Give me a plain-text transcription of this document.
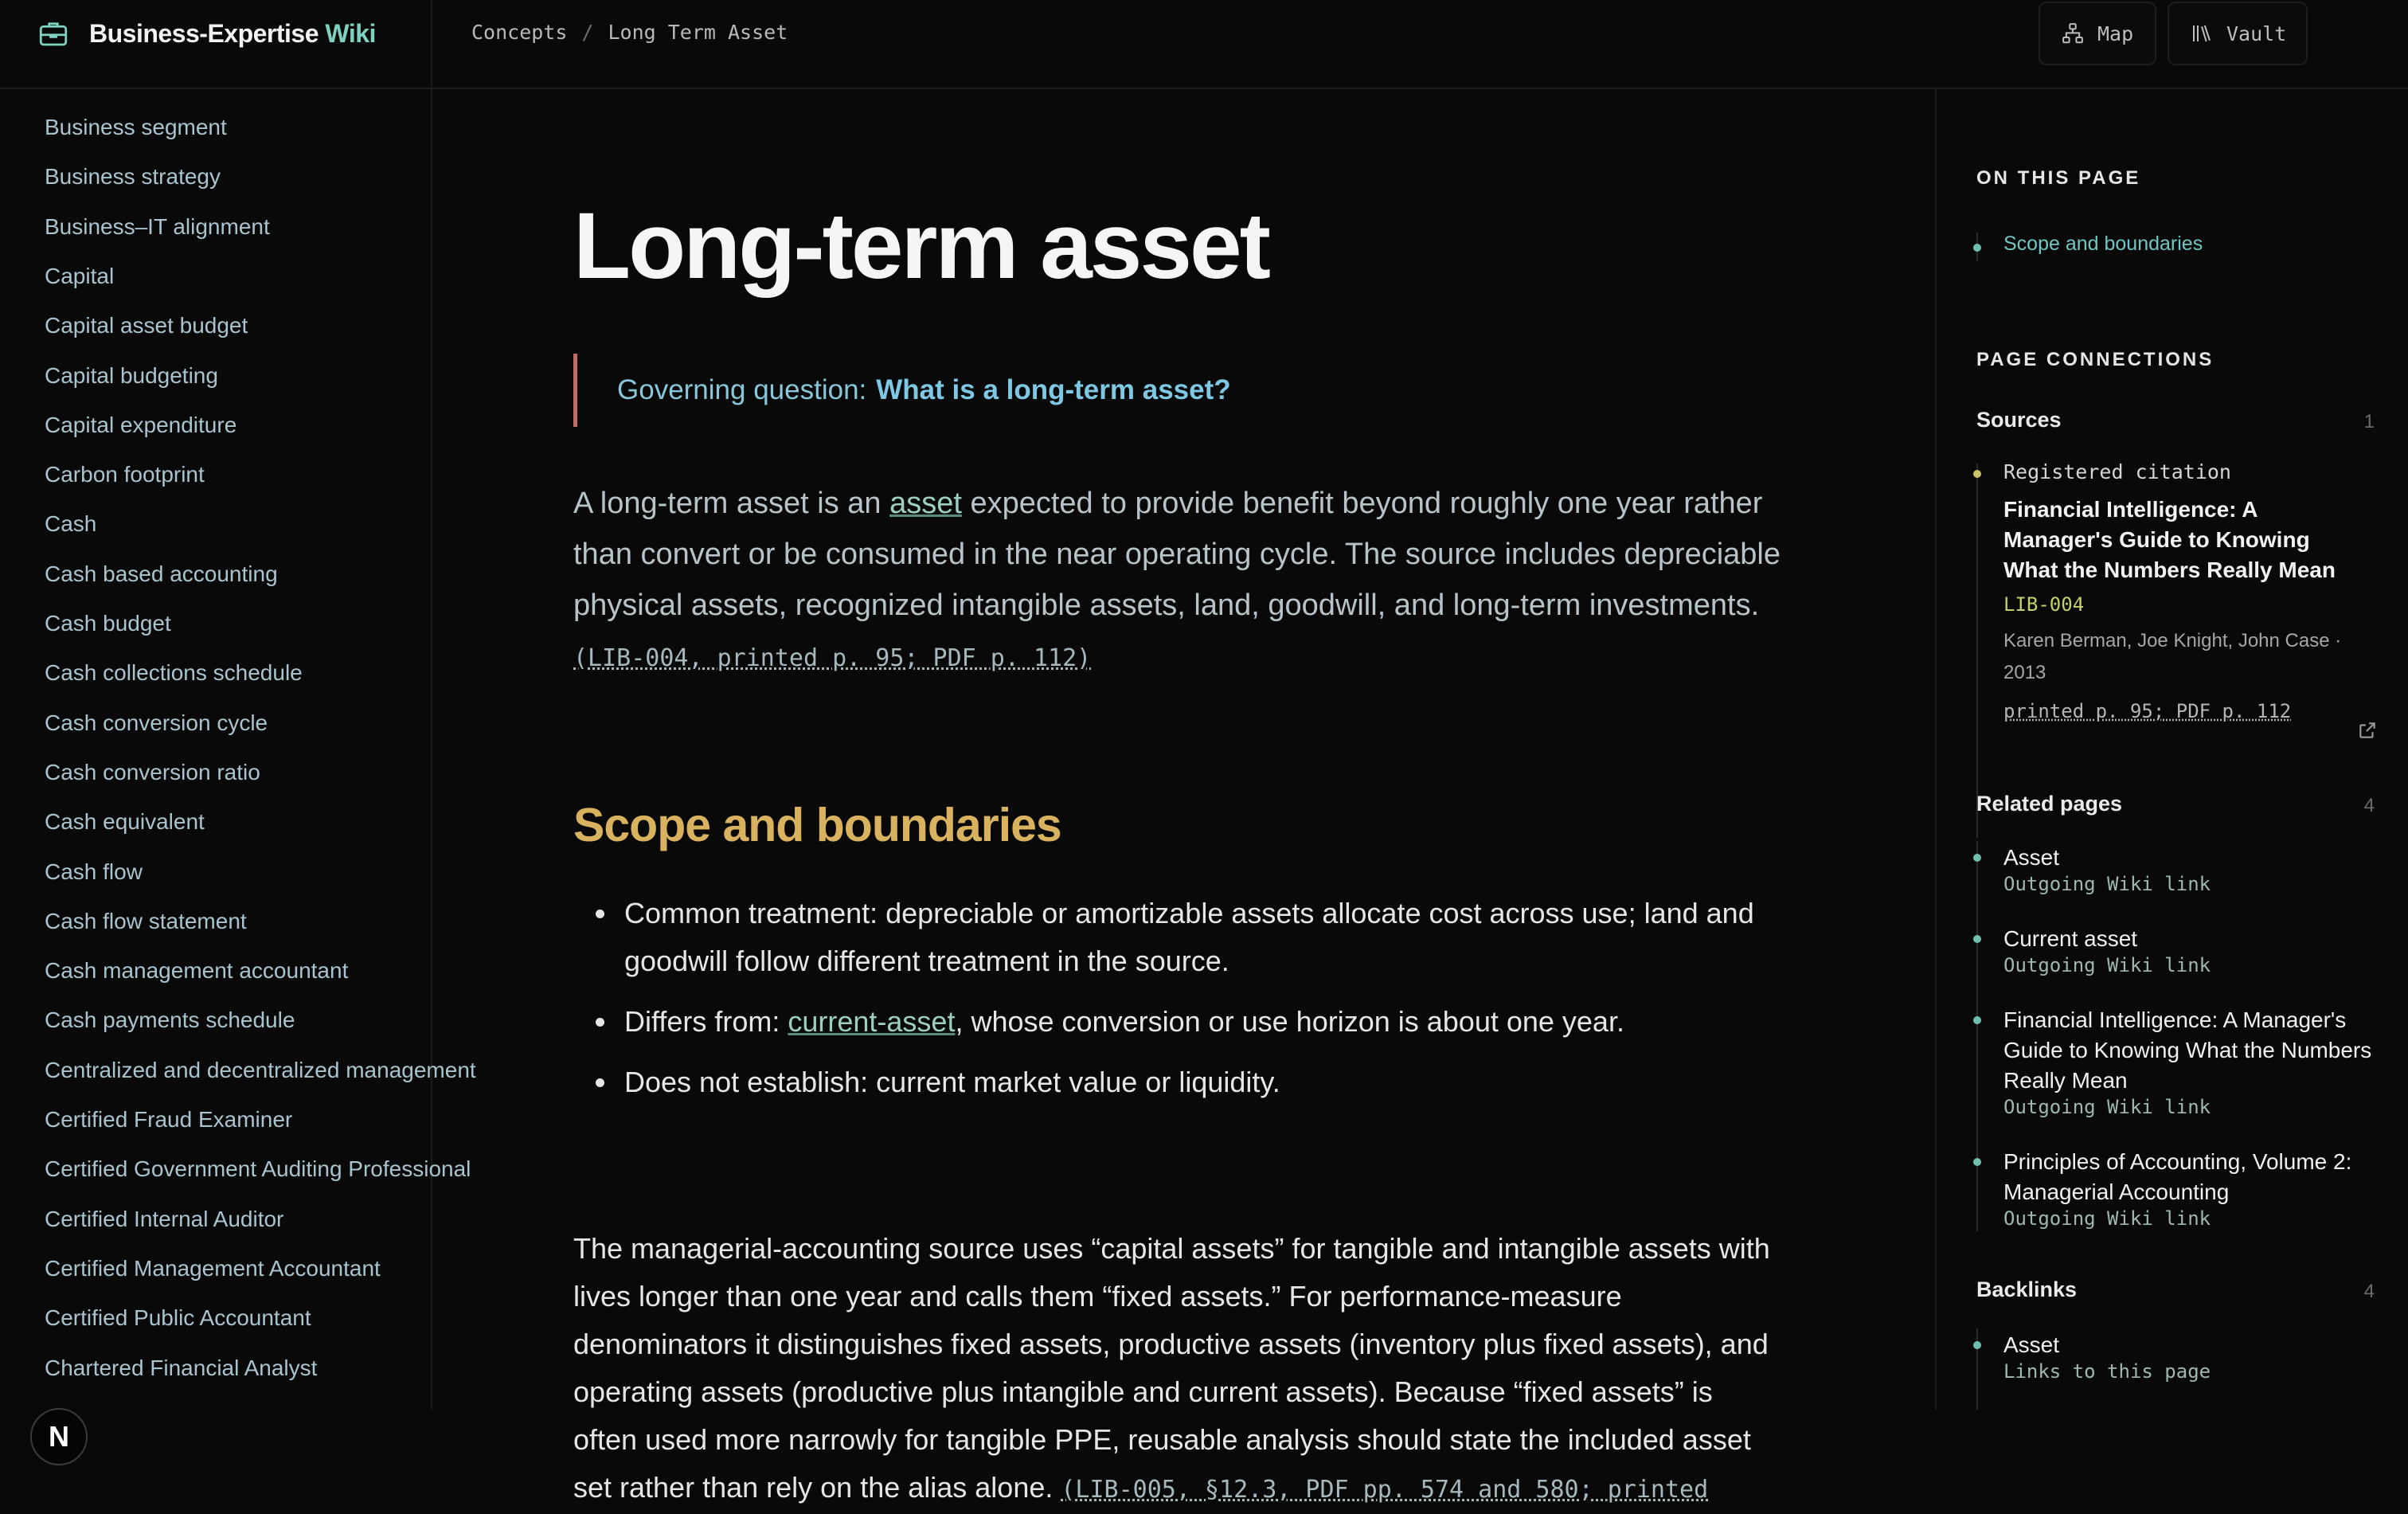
Business-Expertise Wiki	Concepts / Long Term Asset	Map	Vault
Business segment
Business strategy
Business–IT alignment
Capital
Capital asset budget
Capital budgeting
Capital expenditure
Carbon footprint
Cash
Cash based accounting
Cash budget
Cash collections schedule
Cash conversion cycle
Cash conversion ratio
Cash equivalent
Cash flow
Cash flow statement
Cash management accountant
Cash payments schedule
Centralized and decentralized management
Certified Fraud Examiner
Certified Government Auditing Professional
Certified Internal Auditor
Certified Management Accountant
Certified Public Accountant
Chartered Financial Analyst
N
Long-term asset
Governing question: What is a long-term asset?

A long-term asset is an asset expected to provide benefit beyond roughly one year rather than convert or be consumed in the near operating cycle. The source includes depreciable physical assets, recognized intangible assets, land, goodwill, and long-term investments. (LIB-004, printed p. 95; PDF p. 112)

Scope and boundaries
Common treatment: depreciable or amortizable assets allocate cost across use; land and goodwill follow different treatment in the source.
Differs from: current-asset, whose conversion or use horizon is about one year.
Does not establish: current market value or liquidity.

The managerial-accounting source uses “capital assets” for tangible and intangible assets with lives longer than one year and calls them “fixed assets.” For performance-measure denominators it distinguishes fixed assets, productive assets (inventory plus fixed assets), and operating assets (productive plus intangible and current assets). Because “fixed assets” is often used more narrowly for tangible PPE, reusable analysis should state the included asset set rather than rely on the alias alone. (LIB-005, §12.3, PDF pp. 574 and 580; printed

ON THIS PAGE
Scope and boundaries
PAGE CONNECTIONS
Sources	1
Registered citation
Financial Intelligence: A Manager's Guide to Knowing What the Numbers Really Mean
LIB-004
Karen Berman, Joe Knight, John Case · 2013
printed p. 95; PDF p. 112
Related pages	4
Asset
Outgoing Wiki link
Current asset
Outgoing Wiki link
Financial Intelligence: A Manager's Guide to Knowing What the Numbers Really Mean
Outgoing Wiki link
Principles of Accounting, Volume 2: Managerial Accounting
Outgoing Wiki link
Backlinks	4
Asset
Links to this page
